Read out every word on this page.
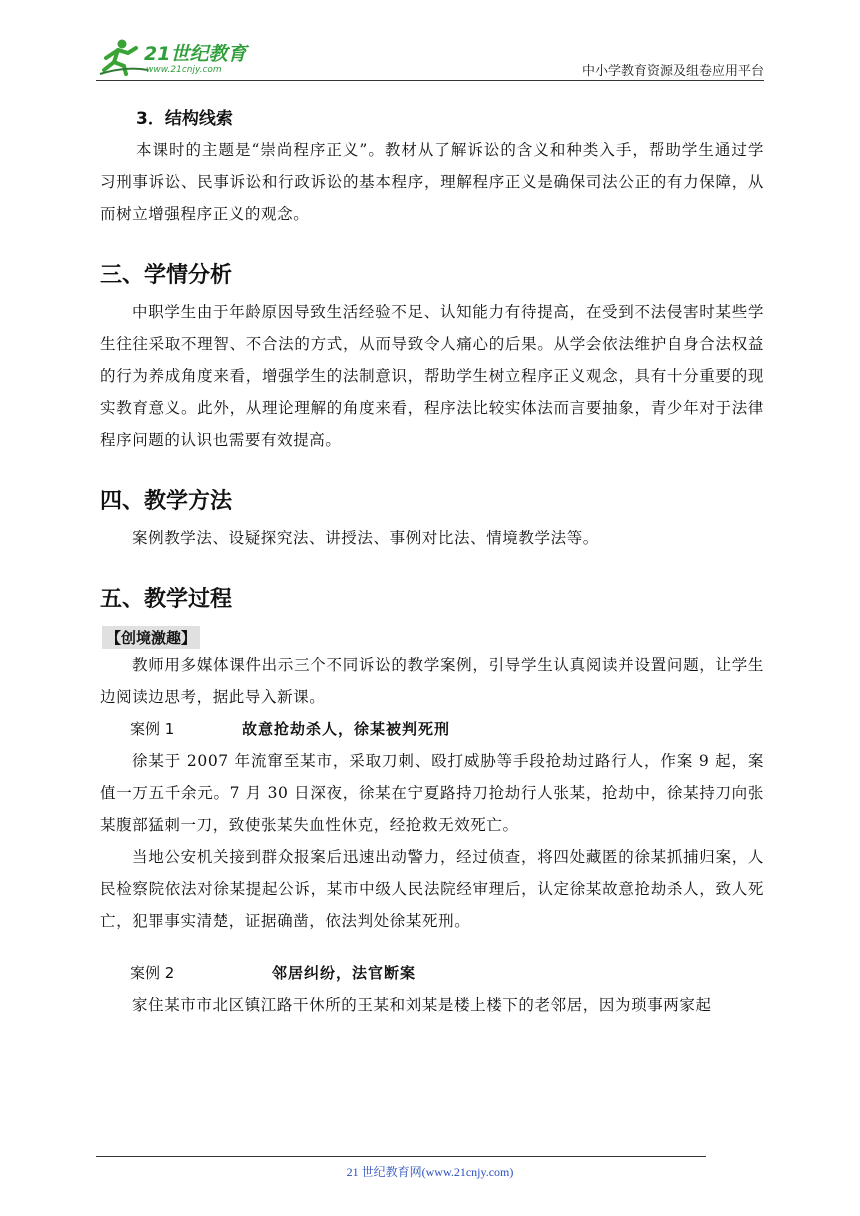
21世纪教育
www.21cnjy.com	中小学教育资源及组卷应用平台
3．结构线索

本课时的主题是“崇尚程序正义”。教材从了解诉讼的含义和种类入手，帮助学生通过学习刑事诉讼、民事诉讼和行政诉讼的基本程序，理解程序正义是确保司法公正的有力保障，从而树立增强程序正义的观念。

三、学情分析

中职学生由于年龄原因导致生活经验不足、认知能力有待提高，在受到不法侵害时某些学生往往采取不理智、不合法的方式，从而导致令人痛心的后果。从学会依法维护自身合法权益的行为养成角度来看，增强学生的法制意识，帮助学生树立程序正义观念，具有十分重要的现实教育意义。此外，从理论理解的角度来看，程序法比较实体法而言要抽象，青少年对于法律程序问题的认识也需要有效提高。

四、教学方法

案例教学法、设疑探究法、讲授法、事例对比法、情境教学法等。

五、教学过程
【创境激趣】

教师用多媒体课件出示三个不同诉讼的教学案例，引导学生认真阅读并设置问题，让学生边阅读边思考，据此导入新课。

案例 1	故意抢劫杀人，徐某被判死刑

徐某于 2007 年流窜至某市，采取刀刺、殴打威胁等手段抢劫过路行人，作案 9 起，案值一万五千余元。7 月 30 日深夜，徐某在宁夏路持刀抢劫行人张某，抢劫中，徐某持刀向张某腹部猛刺一刀，致使张某失血性休克，经抢救无效死亡。

当地公安机关接到群众报案后迅速出动警力，经过侦查，将四处藏匿的徐某抓捕归案，人民检察院依法对徐某提起公诉，某市中级人民法院经审理后，认定徐某故意抢劫杀人，致人死亡，犯罪事实清楚，证据确凿，依法判处徐某死刑。

案例 2	邻居纠纷，法官断案

家住某市市北区镇江路干休所的王某和刘某是楼上楼下的老邻居，因为琐事两家起

21 世纪教育网(www.21cnjy.com)
